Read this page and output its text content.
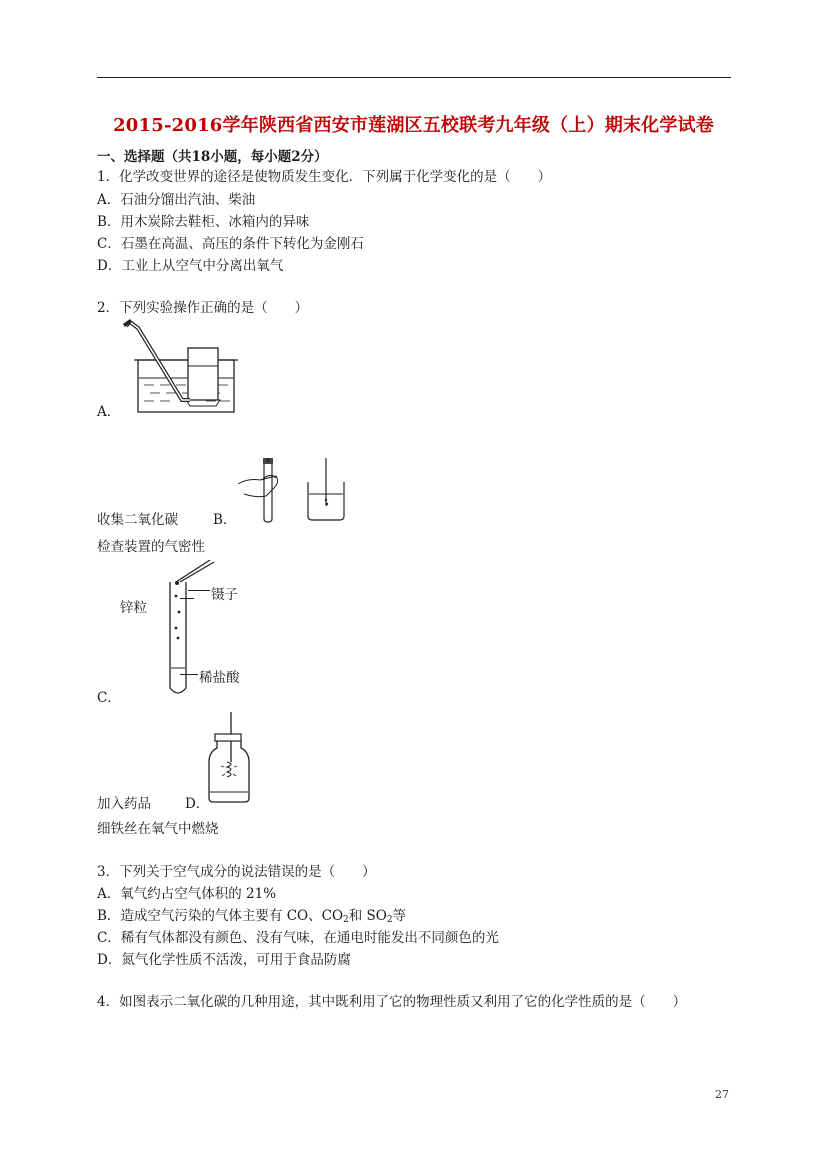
2015-2016学年陕西省西安市莲湖区五校联考九年级（上）期末化学试卷
一、选择题（共18小题，每小题2分）
1．化学改变世界的途径是使物质发生变化．下列属于化学变化的是（　　）
A．石油分馏出汽油、柴油
B．用木炭除去鞋柜、冰箱内的异味
C．石墨在高温、高压的条件下转化为金刚石
D．工业上从空气中分离出氧气
2．下列实验操作正确的是（　　）
A．
收集二氧化碳	B．
检查装置的气密性
锌粒
镊子
稀盐酸
C．
加入药品	D．
细铁丝在氧气中燃烧
3．下列关于空气成分的说法错误的是（　　）
A．氧气约占空气体积的 21%
B．造成空气污染的气体主要有 CO、$CO_2$和 $SO_2$等
C．稀有气体都没有颜色、没有气味，在通电时能发出不同颜色的光
D．氮气化学性质不活泼，可用于食品防腐
4．如图表示二氧化碳的几种用途，其中既利用了它的物理性质又利用了它的化学性质的是（　　）
27
